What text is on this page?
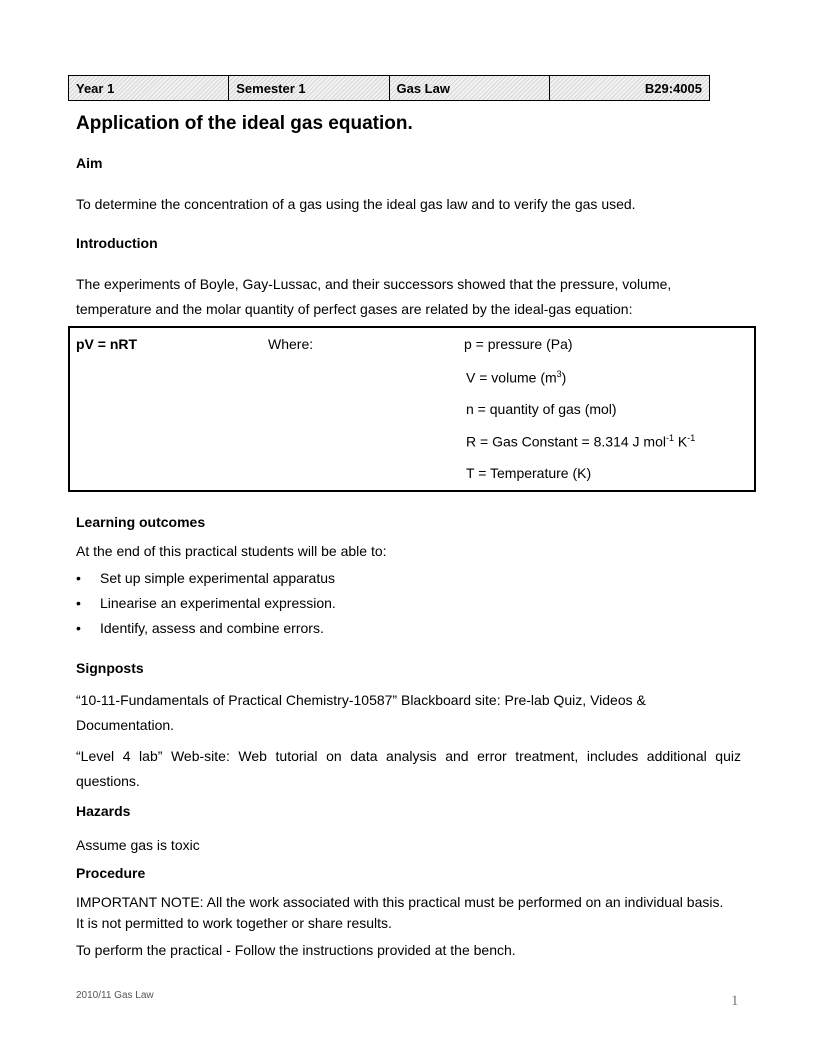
Year 1	Semester 1	Gas Law	B29:4005
Application of the ideal gas equation.
Aim

To determine the concentration of a gas using the ideal gas law and to verify the gas used.

Introduction

The experiments of Boyle, Gay-Lussac, and their successors showed that the pressure, volume,

temperature and the molar quantity of perfect gases are related by the ideal-gas equation:

pV = nRT	Where:	p = pressure (Pa)
V = volume $(m^3)$
n = quantity of gas (mol)
R = Gas Constant = 8.314 J mol$^{-1}$ $K^{-1}$
T = Temperature (K)
Learning outcomes

At the end of this practical students will be able to:

• Set up simple experimental apparatus
• Linearise an experimental expression.
• Identify, assess and combine errors.
Signposts

“10-11-Fundamentals of Practical Chemistry-10587” Blackboard site: Pre-lab Quiz, Videos & Documentation.

“Level 4 lab” Web-site: Web tutorial on data analysis and error treatment, includes additional quiz questions.

Hazards

Assume gas is toxic

Procedure

IMPORTANT NOTE: All the work associated with this practical must be performed on an individual basis. It is not permitted to work together or share results.

To perform the practical - Follow the instructions provided at the bench.

2010/11 Gas Law	1
